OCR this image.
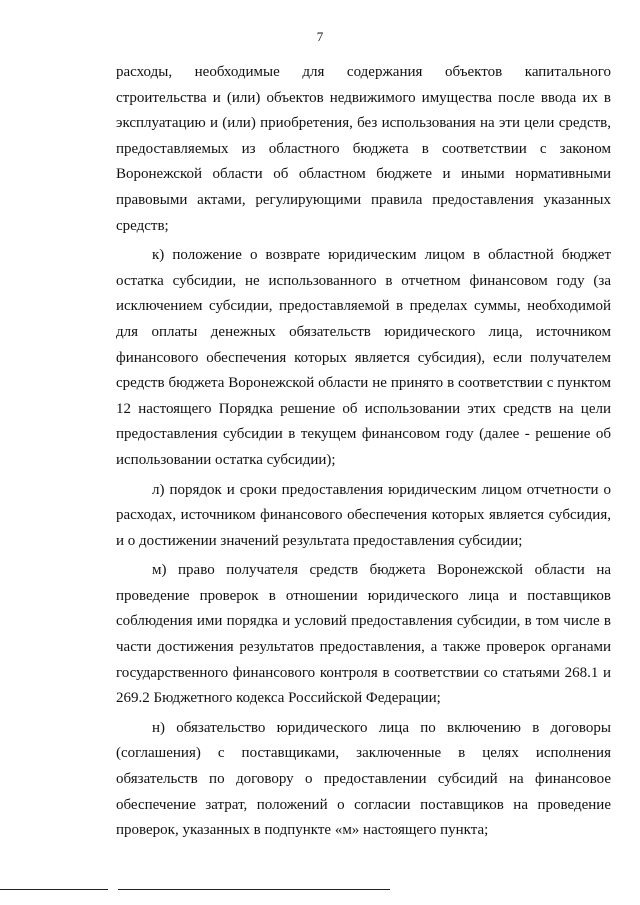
7

расходы, необходимые для содержания объектов капитального строительства и (или) объектов недвижимого имущества после ввода их в эксплуатацию и (или) приобретения, без использования на эти цели средств, предоставляемых из областного бюджета в соответствии с законом Воронежской области об областном бюджете и иными нормативными правовыми актами, регулирующими правила предоставления указанных средств;

к) положение о возврате юридическим лицом в областной бюджет остатка субсидии, не использованного в отчетном финансовом году (за исключением субсидии, предоставляемой в пределах суммы, необходимой для оплаты денежных обязательств юридического лица, источником финансового обеспечения которых является субсидия), если получателем средств бюджета Воронежской области не принято в соответствии с пунктом 12 настоящего Порядка решение об использовании этих средств на цели предоставления субсидии в текущем финансовом году (далее - решение об использовании остатка субсидии);

л) порядок и сроки предоставления юридическим лицом отчетности о расходах, источником финансового обеспечения которых является субсидия, и о достижении значений результата предоставления субсидии;

м) право получателя средств бюджета Воронежской области на проведение проверок в отношении юридического лица и поставщиков соблюдения ими порядка и условий предоставления субсидии, в том числе в части достижения результатов предоставления, а также проверок органами государственного финансового контроля в соответствии со статьями 268.1 и 269.2 Бюджетного кодекса Российской Федерации;

н) обязательство юридического лица по включению в договоры (соглашения) с поставщиками, заключенные в целях исполнения обязательств по договору о предоставлении субсидий на финансовое обеспечение затрат, положений о согласии поставщиков на проведение проверок, указанных в подпункте «м» настоящего пункта;
